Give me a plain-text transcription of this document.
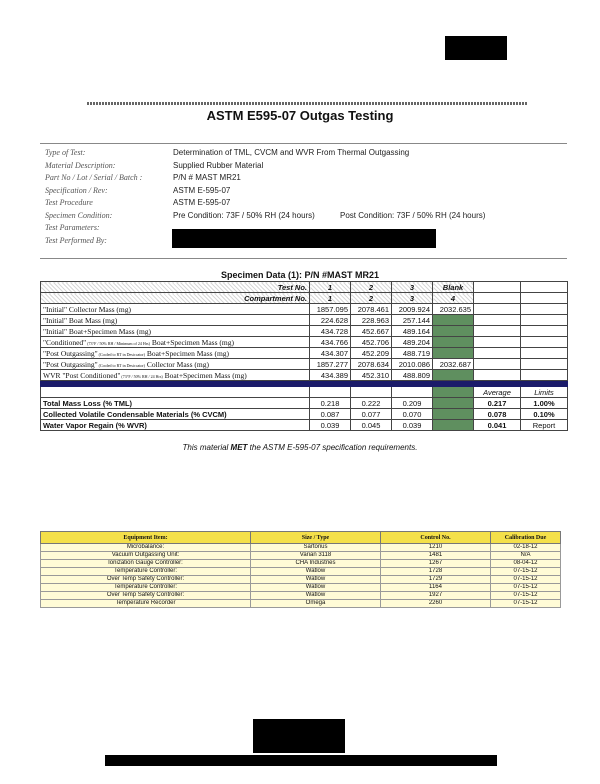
ASTM E595-07 Outgas Testing
Type of Test:	Determination of TML, CVCM and WVR From Thermal Outgassing
Material Description:	Supplied Rubber Material
Part No / Lot / Serial / Batch :	P/N # MAST MR21
Specification / Rev:	ASTM E-595-07
Test Procedure	ASTM E-595-07
Specimen Condition:	Pre Condition: 73F / 50% RH (24 hours)	Post Condition: 73F / 50% RH (24 hours)
Test Parameters:
Test Performed By:
Specimen Data (1): P/N #MAST MR21
Test No.	1	2	3	Blank		
Compartment No.	1	2	3	4		
"Initial" Collector Mass (mg)	1857.095	2078.461	2009.924	2032.635		
"Initial" Boat Mass (mg)	224.628	228.963	257.144			
"Initial" Boat+Specimen Mass (mg)	434.728	452.667	489.164			
"Conditioned" (73°F / 50% RH / Minimum of 24 Hrs) Boat+Specimen Mass (mg)	434.766	452.706	489.204			
"Post Outgassing" (Cooled to RT in Desiccator) Boat+Specimen Mass (mg)	434.307	452.209	488.719			
"Post Outgassing" (Cooled to RT in Desiccator) Collector Mass (mg)	1857.277	2078.634	2010.086	2032.687		
WVR "Post Conditioned" (73°F / 50% RH / 24 Hrs) Boat+Specimen Mass (mg)	434.389	452.310	488.809			

					Average	Limits
Total Mass Loss (% TML)	0.218	0.222	0.209		0.217	1.00%
Collected Volatile Condensable Materials (% CVCM)	0.087	0.077	0.070		0.078	0.10%
Water Vapor Regain (% WVR)	0.039	0.045	0.039		0.041	Report
This material MET the ASTM E-595-07 specification requirements.
Equipment Item:	Size / Type	Control No.	Calibration Due
Microbalance:	Sartorius	1210	02-18-12
Vacuum Outgassing Unit:	Varian 3118	1481	N/A
Ionization Gauge Controller:	CHA Industries	1267	08-04-12
Temperature Controller:	Watlow	1728	07-15-12
Over Temp Safety Controller:	Watlow	1729	07-15-12
Temperature Controller:	Watlow	1164	07-15-12
Over Temp Safety Controller:	Watlow	1927	07-15-12
Temperature Recorder	Omega	2260	07-15-12
